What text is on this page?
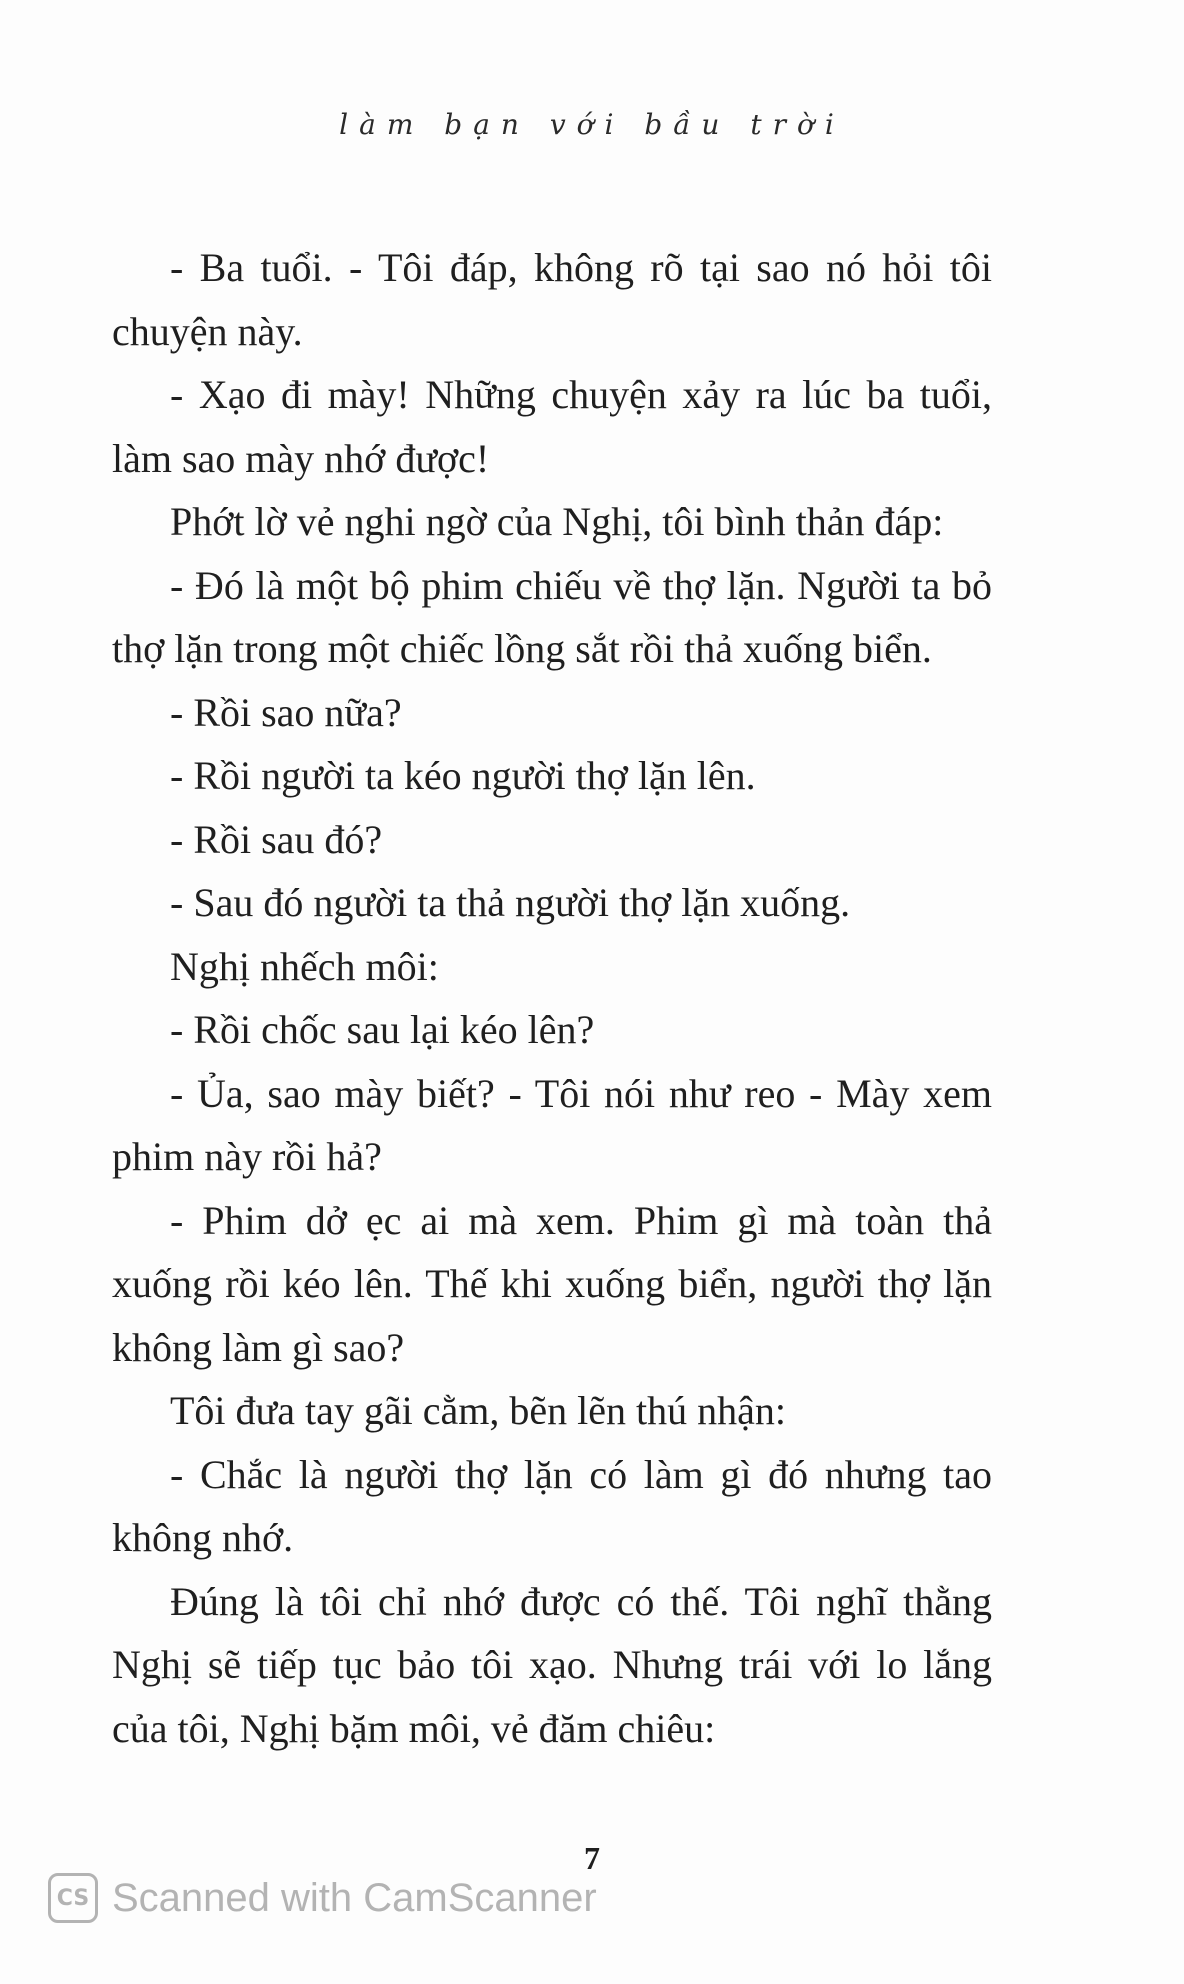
làm bạn với bầu trời

- Ba tuổi. - Tôi đáp, không rõ tại sao nó hỏi tôi chuyện này.

- Xạo đi mày! Những chuyện xảy ra lúc ba tuổi, làm sao mày nhớ được!

Phớt lờ vẻ nghi ngờ của Nghị, tôi bình thản đáp:

- Đó là một bộ phim chiếu về thợ lặn. Người ta bỏ thợ lặn trong một chiếc lồng sắt rồi thả xuống biển.

- Rồi sao nữa?

- Rồi người ta kéo người thợ lặn lên.

- Rồi sau đó?

- Sau đó người ta thả người thợ lặn xuống.

Nghị nhếch môi:

- Rồi chốc sau lại kéo lên?

- Ủa, sao mày biết? - Tôi nói như reo - Mày xem phim này rồi hả?

- Phim dở ẹc ai mà xem. Phim gì mà toàn thả xuống rồi kéo lên. Thế khi xuống biển, người thợ lặn không làm gì sao?

Tôi đưa tay gãi cằm, bẽn lẽn thú nhận:

- Chắc là người thợ lặn có làm gì đó nhưng tao không nhớ.

Đúng là tôi chỉ nhớ được có thế. Tôi nghĩ thằng Nghị sẽ tiếp tục bảo tôi xạo. Nhưng trái với lo lắng của tôi, Nghị bặm môi, vẻ đăm chiêu:

7
CS Scanned with CamScanner
